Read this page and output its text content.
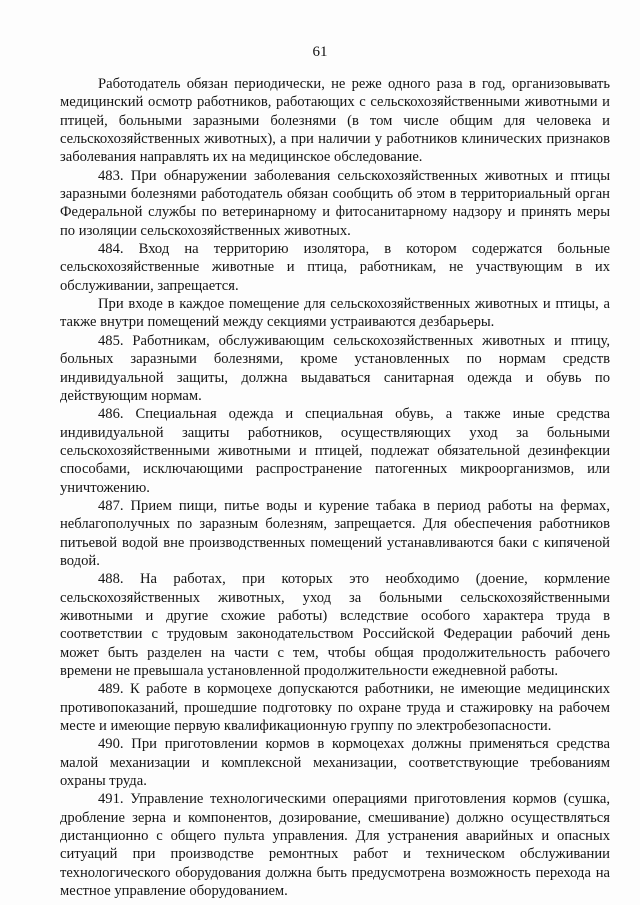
61

Работодатель обязан периодически, не реже одного раза в год, организовывать медицинский осмотр работников, работающих с сельскохозяйственными животными и птицей, больными заразными болезнями (в том числе общим для человека и сельскохозяйственных животных), а при наличии у работников клинических признаков заболевания направлять их на медицинское обследование.

483. При обнаружении заболевания сельскохозяйственных животных и птицы заразными болезнями работодатель обязан сообщить об этом в территориальный орган Федеральной службы по ветеринарному и фитосанитарному надзору и принять меры по изоляции сельскохозяйственных животных.

484. Вход на территорию изолятора, в котором содержатся больные сельскохозяйственные животные и птица, работникам, не участвующим в их обслуживании, запрещается.

При входе в каждое помещение для сельскохозяйственных животных и птицы, а также внутри помещений между секциями устраиваются дезбарьеры.

485. Работникам, обслуживающим сельскохозяйственных животных и птицу, больных заразными болезнями, кроме установленных по нормам средств индивидуальной защиты, должна выдаваться санитарная одежда и обувь по действующим нормам.

486. Специальная одежда и специальная обувь, а также иные средства индивидуальной защиты работников, осуществляющих уход за больными сельскохозяйственными животными и птицей, подлежат обязательной дезинфекции способами, исключающими распространение патогенных микроорганизмов, или уничтожению.

487. Прием пищи, питье воды и курение табака в период работы на фермах, неблагополучных по заразным болезням, запрещается. Для обеспечения работников питьевой водой вне производственных помещений устанавливаются баки с кипяченой водой.

488. На работах, при которых это необходимо (доение, кормление сельскохозяйственных животных, уход за больными сельскохозяйственными животными и другие схожие работы) вследствие особого характера труда в соответствии с трудовым законодательством Российской Федерации рабочий день может быть разделен на части с тем, чтобы общая продолжительность рабочего времени не превышала установленной продолжительности ежедневной работы.

489. К работе в кормоцехе допускаются работники, не имеющие медицинских противопоказаний, прошедшие подготовку по охране труда и стажировку на рабочем месте и имеющие первую квалификационную группу по электробезопасности.

490. При приготовлении кормов в кормоцехах должны применяться средства малой механизации и комплексной механизации, соответствующие требованиям охраны труда.

491. Управление технологическими операциями приготовления кормов (сушка, дробление зерна и компонентов, дозирование, смешивание) должно осуществляться дистанционно с общего пульта управления. Для устранения аварийных и опасных ситуаций при производстве ремонтных работ и техническом обслуживании технологического оборудования должна быть предусмотрена возможность перехода на местное управление оборудованием.
